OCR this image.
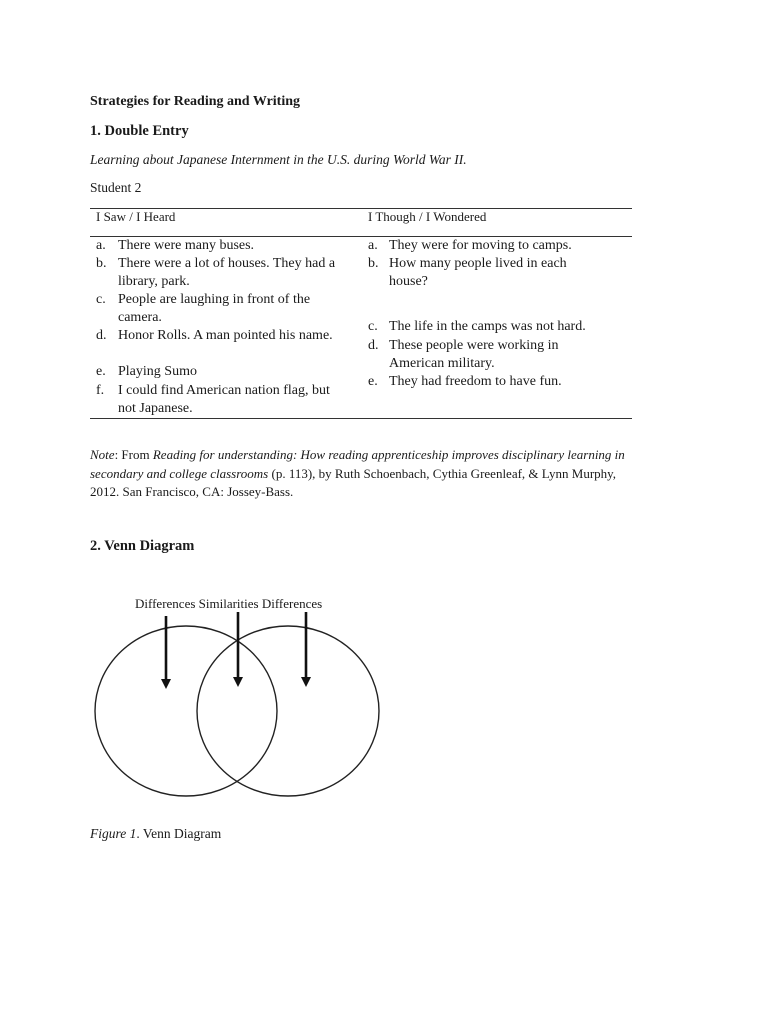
Strategies for Reading and Writing
1. Double Entry
Learning about Japanese Internment in the U.S. during World War II.
Student 2
I Saw / I Heard	I Though / I Wondered
a. There were many buses.
b. There were a lot of houses. They had a
library, park.
c. People are laughing in front of the
camera.
d. Honor Rolls. A man pointed his name.
e. Playing Sumo
f. I could find American nation flag, but
not Japanese.
a. They were for moving to camps.
b. How many people lived in each
house?
c. The life in the camps was not hard.
d. These people were working in
American military.
e. They had freedom to have fun.
Note: From Reading for understanding: How reading apprenticeship improves disciplinary learning in
secondary and college classrooms (p. 113), by Ruth Schoenbach, Cythia Greenleaf, & Lynn Murphy,
2012. San Francisco, CA: Jossey-Bass.
2. Venn Diagram
Differences Similarities Differences
Figure 1. Venn Diagram
